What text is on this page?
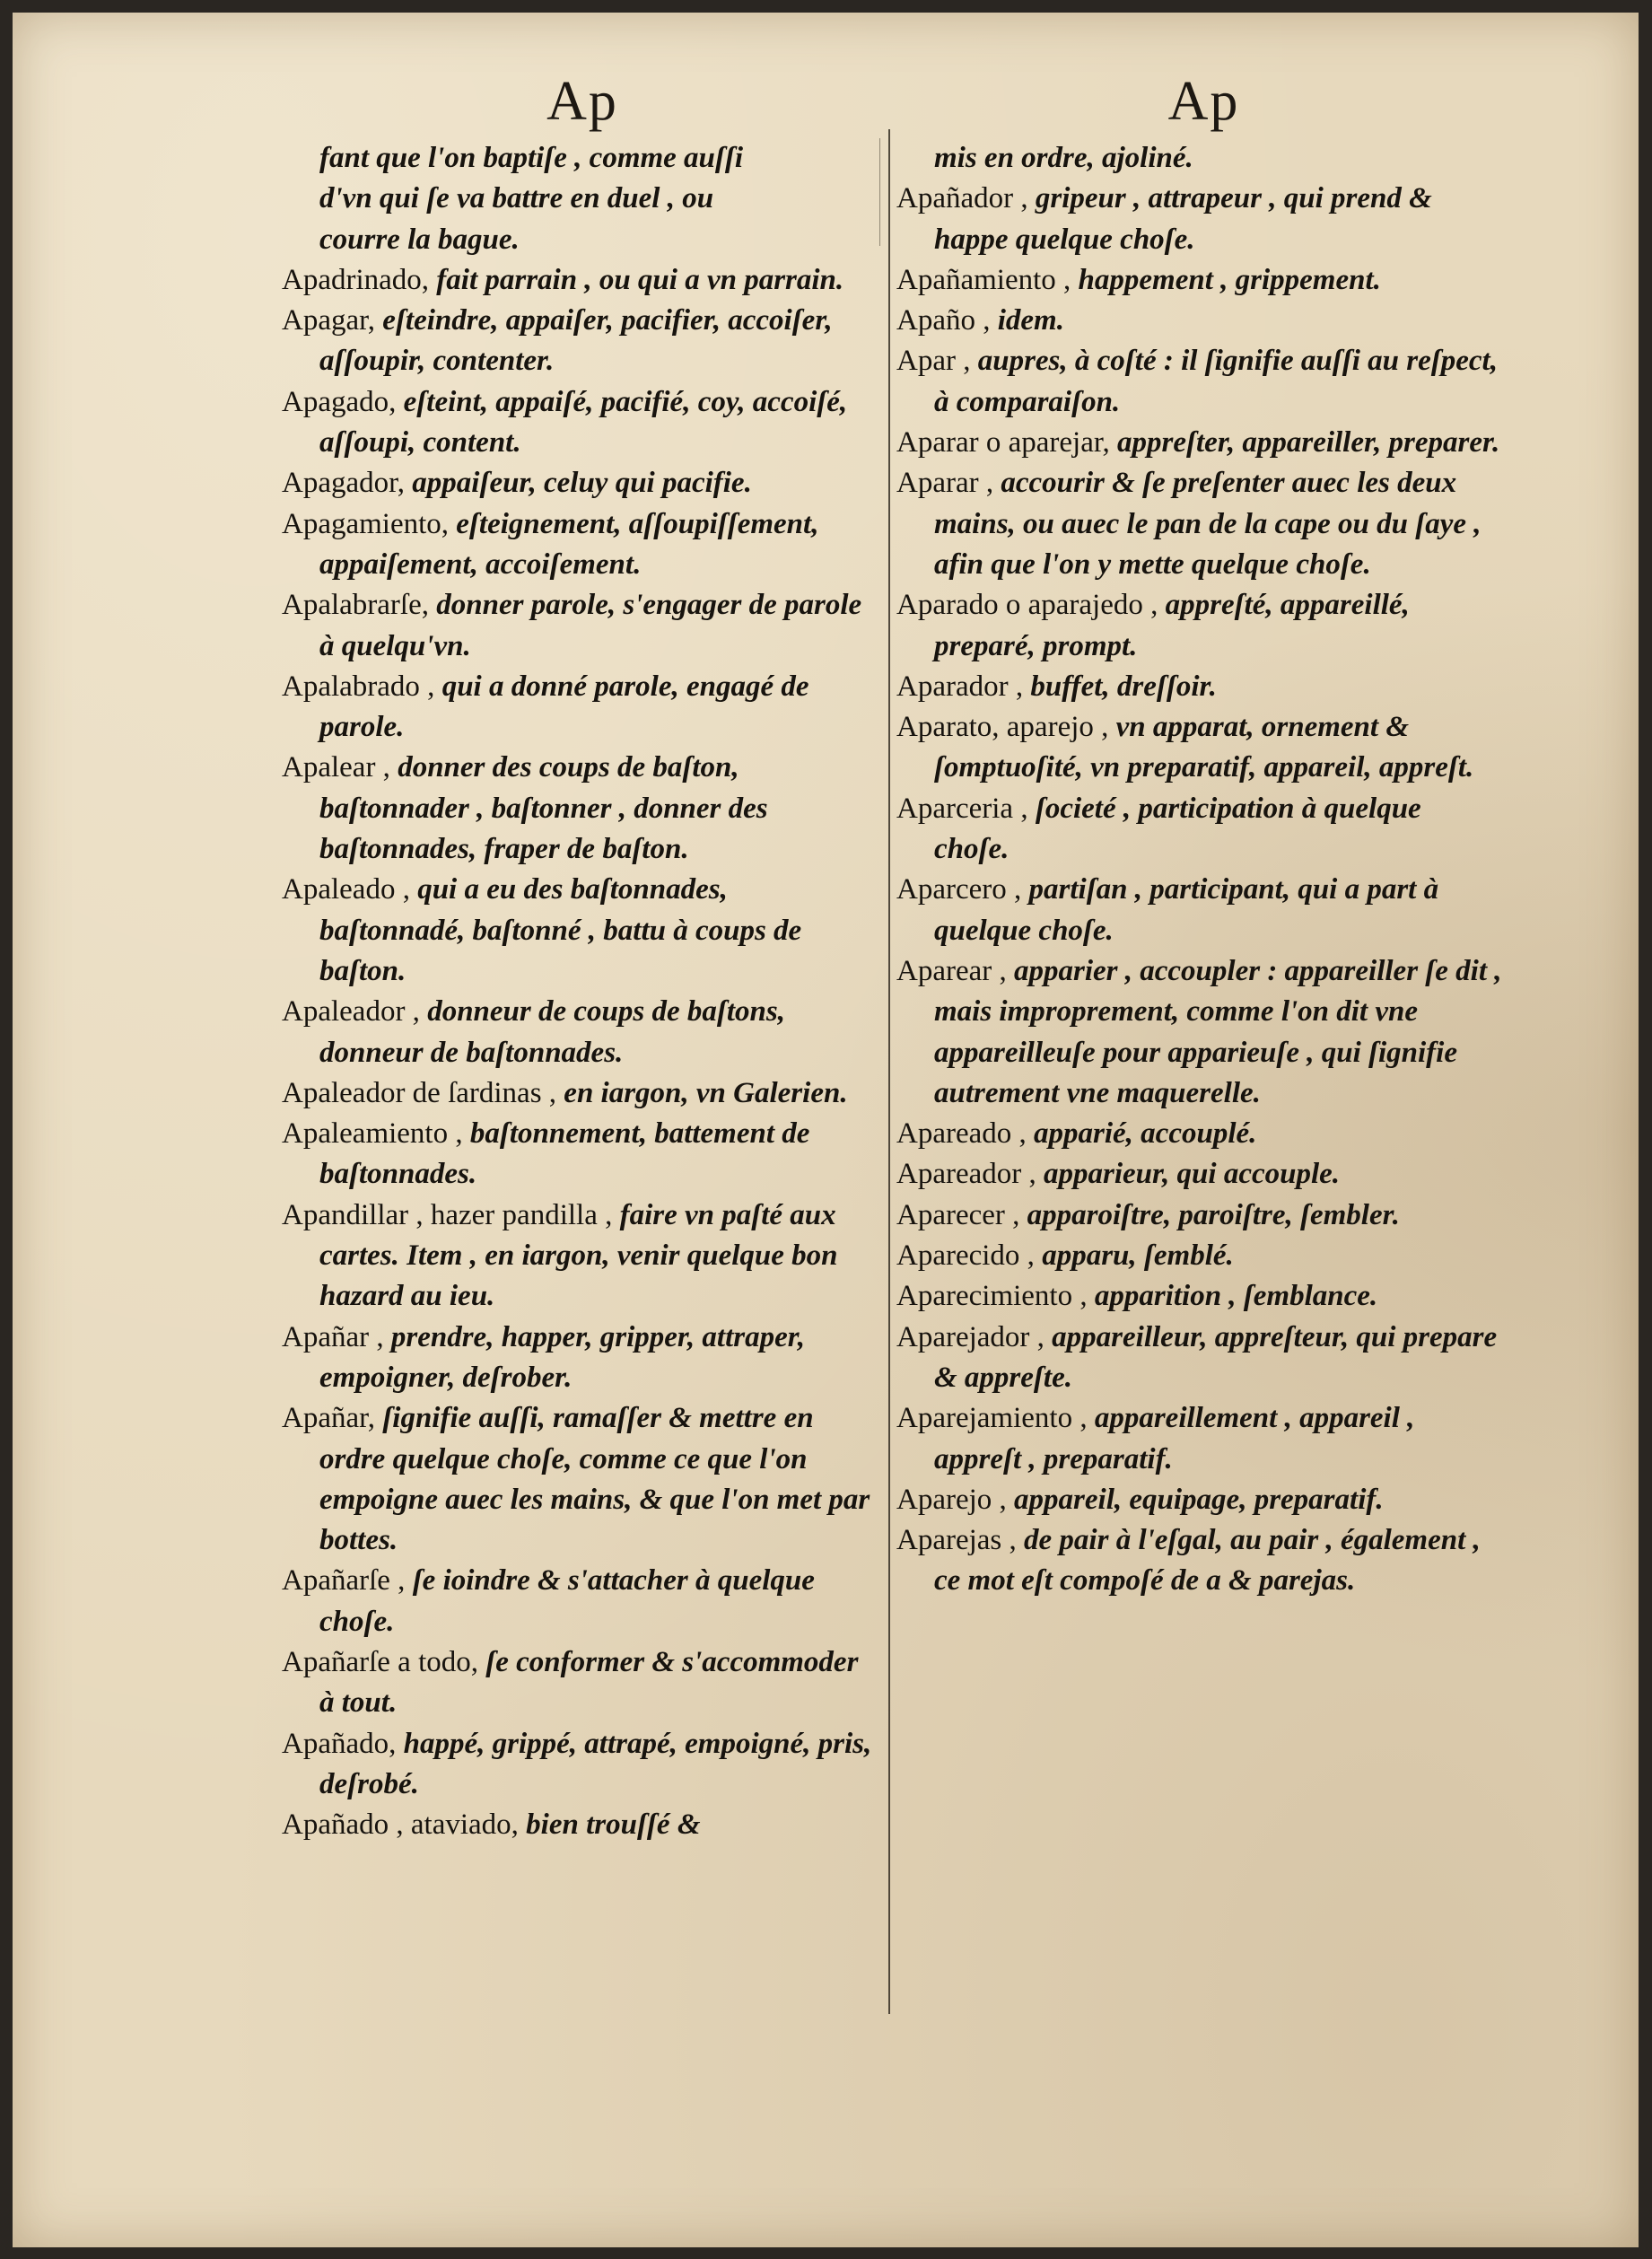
Ap

fant que l'on baptiſe , comme auſſi

d'vn qui ſe va battre en duel , ou

courre la bague.

Apadrinado, fait parrain , ou qui a vn parrain.

Apagar, eſteindre, appaiſer, pacifier, accoiſer, aſſoupir, contenter.

Apagado, eſteint, appaiſé, pacifié, coy, accoiſé, aſſoupi, content.

Apagador, appaiſeur, celuy qui pacifie.

Apagamiento, eſteignement, aſſoupiſſement, appaiſement, accoiſement.

Apalabrarſe, donner parole, s'engager de parole à quelqu'vn.

Apalabrado , qui a donné parole, engagé de parole.

Apalear , donner des coups de baſton, baſtonnader , baſtonner , donner des baſtonnades, fraper de baſton.

Apaleado , qui a eu des baſtonnades, baſtonnadé, baſtonné , battu à coups de baſton.

Apaleador , donneur de coups de baſtons, donneur de baſtonnades.

Apaleador de ſardinas , en iargon, vn Galerien.

Apaleamiento , baſtonnement, battement de baſtonnades.

Apandillar , hazer pandilla , faire vn paſté aux cartes. Item , en iargon, venir quelque bon hazard au ieu.

Apañar , prendre, happer, gripper, attraper, empoigner, deſrober.

Apañar, ſignifie auſſi, ramaſſer & mettre en ordre quelque choſe, comme ce que l'on empoigne auec les mains, & que l'on met par bottes.

Apañarſe , ſe ioindre & s'attacher à quelque choſe.

Apañarſe a todo, ſe conformer & s'accommoder à tout.

Apañado, happé, grippé, attrapé, empoigné, pris, deſrobé.

Apañado , ataviado, bien trouſſé &

Ap

mis en ordre, ajoliné.

Apañador , gripeur , attrapeur , qui prend & happe quelque choſe.

Apañamiento , happement , grippement.

Apaño , idem.

Apar , aupres, à coſté : il ſignifie auſſi au reſpect, à comparaiſon.

Aparar o aparejar, appreſter, appareiller, preparer.

Aparar , accourir & ſe preſenter auec les deux mains, ou auec le pan de la cape ou du ſaye , afin que l'on y mette quelque choſe.

Aparado o aparajedo , appreſté, appareillé, preparé, prompt.

Aparador , buffet, dreſſoir.

Aparato, aparejo , vn apparat, ornement & ſomptuoſité, vn preparatif, appareil, appreſt.

Aparceria , ſocieté , participation à quelque choſe.

Aparcero , partiſan , participant, qui a part à quelque choſe.

Aparear , apparier , accoupler : appareiller ſe dit , mais improprement, comme l'on dit vne appareilleuſe pour apparieuſe , qui ſignifie autrement vne maquerelle.

Apareado , apparié, accouplé.

Apareador , apparieur, qui accouple.

Aparecer , apparoiſtre, paroiſtre, ſembler.

Aparecido , apparu, ſemblé.

Aparecimiento , apparition , ſemblance.

Aparejador , appareilleur, appreſteur, qui prepare & appreſte.

Aparejamiento , appareillement , appareil , appreſt , preparatif.

Aparejo , appareil, equipage, preparatif.

Aparejas , de pair à l'eſgal, au pair , également , ce mot eſt compoſé de a & parejas.
